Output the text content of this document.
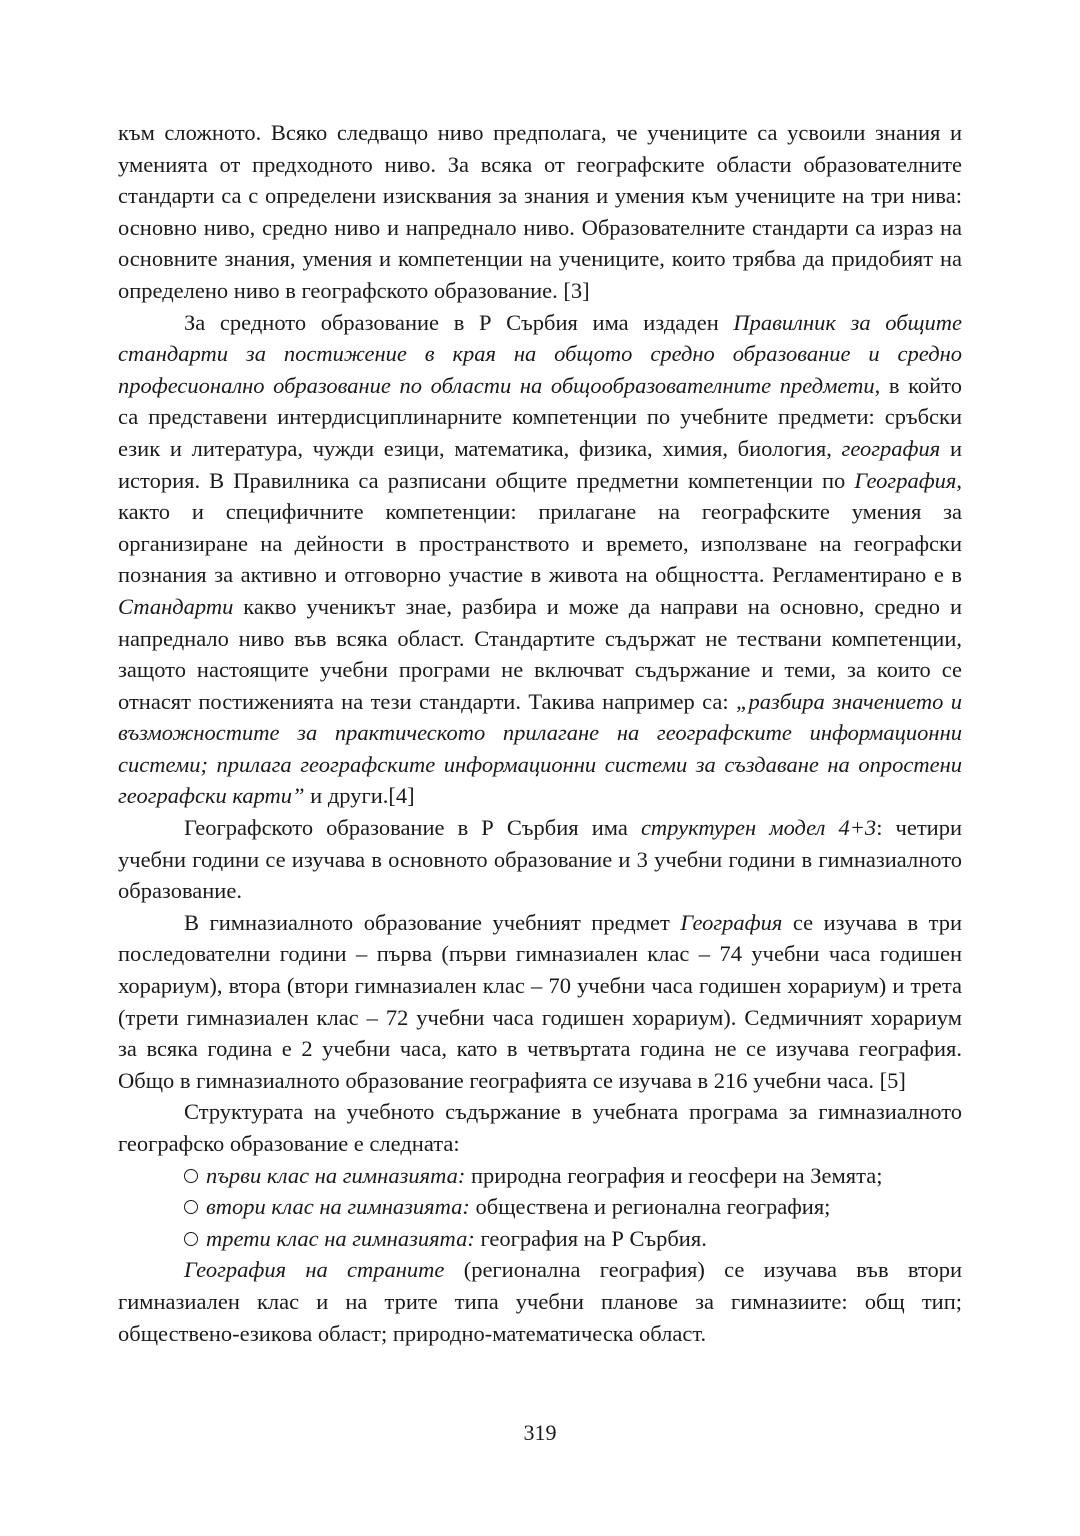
към сложното. Всяко следващо ниво предполага, че учениците са усвоили знания и уменията от предходното ниво. За всяка от географските области образователните стандарти са с определени изисквания за знания и умения към учениците на три нива: основно ниво, средно ниво и напреднало ниво. Образователните стандарти са израз на основните знания, умения и компетенции на учениците, които трябва да придобият на определено ниво в географското образование. [3]

За средното образование в Р Сърбия има издаден Правилник за общите стандарти за постижение в края на общото средно образование и средно професионално образование по области на общообразователните предмети, в който са представени интердисциплинарните компетенции по учебните предмети: сръбски език и литература, чужди езици, математика, физика, химия, биология, география и история. В Правилника са разписани общите предметни компетенции по География, както и специфичните компетенции: прилагане на географските умения за организиране на дейности в пространството и времето, използване на географски познания за активно и отговорно участие в живота на общността. Регламентирано е в Стандарти какво ученикът знае, разбира и може да направи на основно, средно и напреднало ниво във всяка област. Стандартите съдържат не тествани компетенции, защото настоящите учебни програми не включват съдържание и теми, за които се отнасят постиженията на тези стандарти. Такива например са: „разбира значението и възможностите за практическото прилагане на географските информационни системи; прилага географските информационни системи за създаване на опростени географски карти” и други.[4]

Географското образование в Р Сърбия има структурен модел 4+3: четири учебни години се изучава в основното образование и 3 учебни години в гимназиалното образование.

В гимназиалното образование учебният предмет География се изучава в три последователни години – първа (първи гимназиален клас – 74 учебни часа годишен хорариум), втора (втори гимназиален клас – 70 учебни часа годишен хорариум) и трета (трети гимназиален клас – 72 учебни часа годишен хорариум). Седмичният хорариум за всяка година е 2 учебни часа, като в четвъртата година не се изучава география. Общо в гимназиалното образование географията се изучава в 216 учебни часа. [5]

Структурата на учебното съдържание в учебната програма за гимназиалното географско образование е следната:

първи клас на гимназията: природна география и геосфери на Земята;

втори клас на гимназията: обществена и регионална география;

трети клас на гимназията: география на Р Сърбия.

География на страните (регионална география) се изучава във втори гимназиален клас и на трите типа учебни планове за гимназиите: общ тип; обществено-езикова област; природно-математическа област.

319
